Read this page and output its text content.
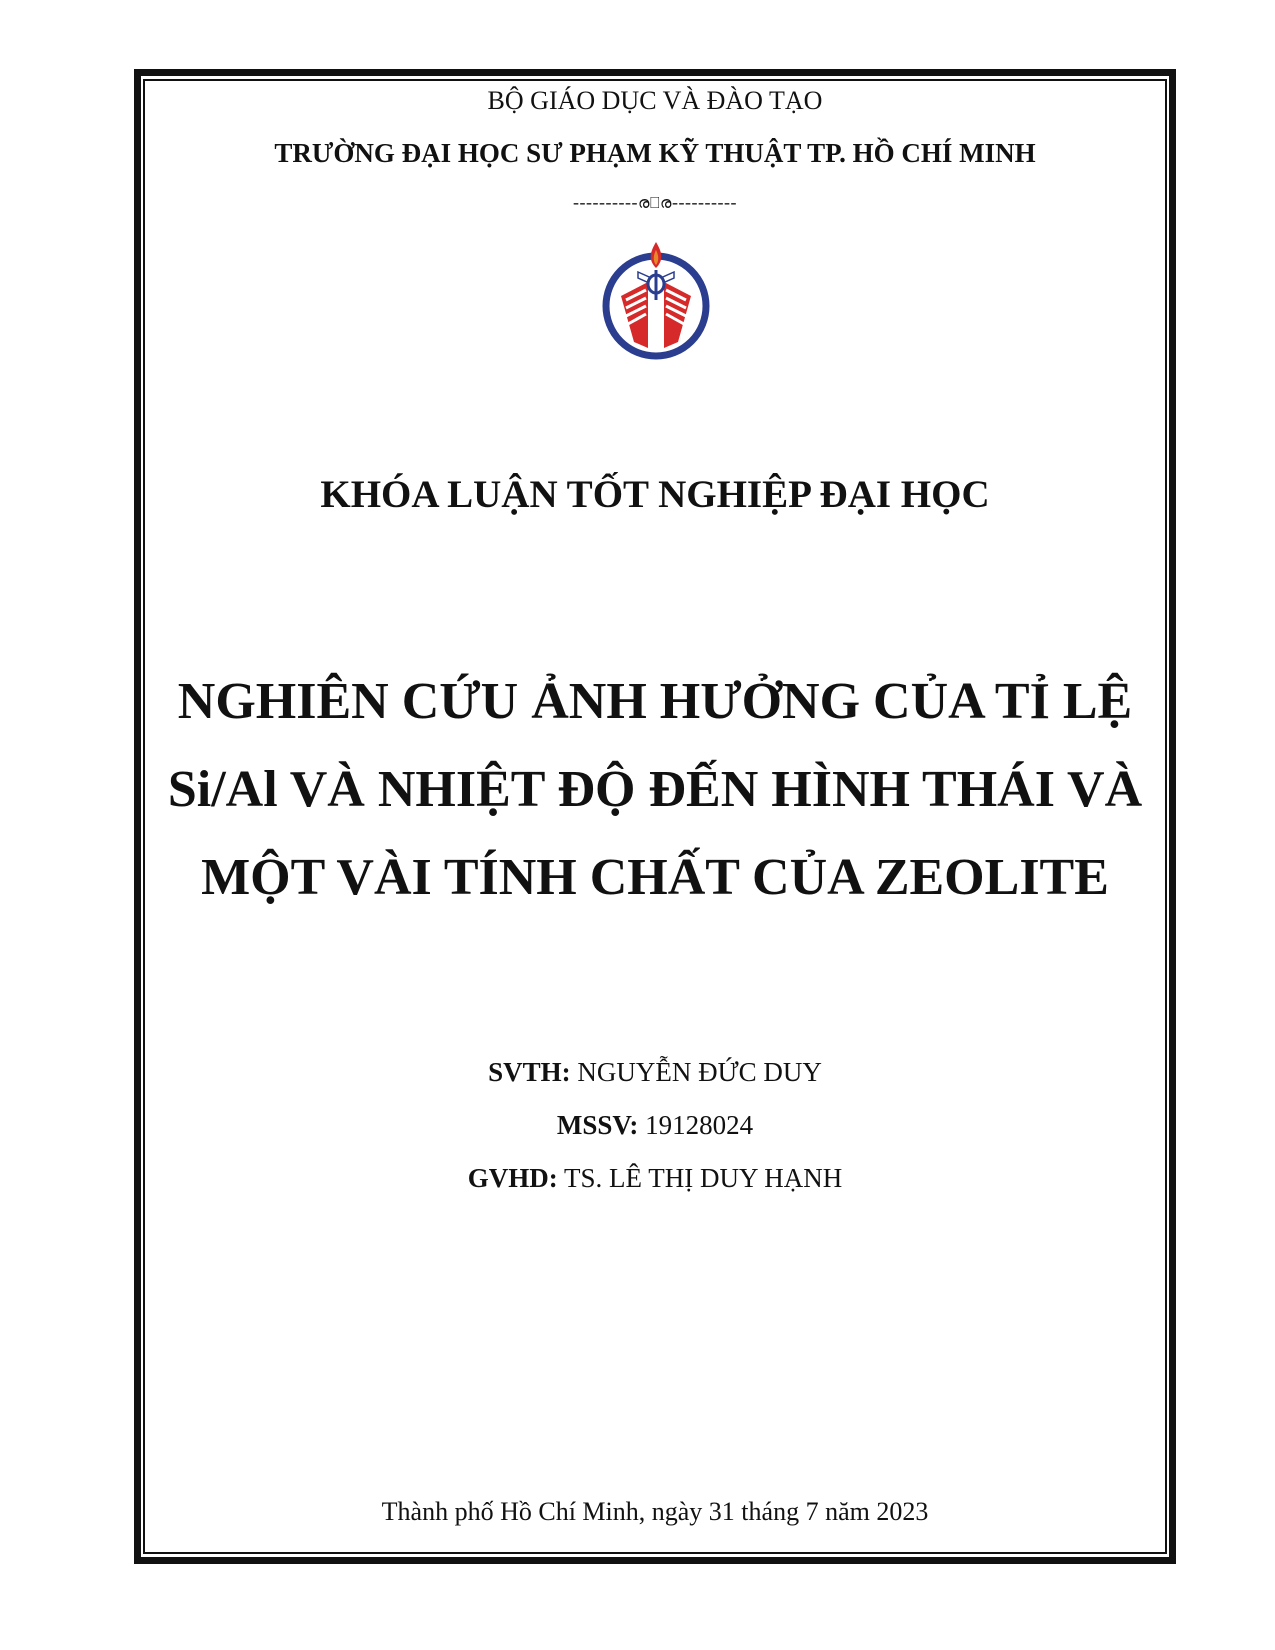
BỘ GIÁO DỤC VÀ ĐÀO TẠO
TRƯỜNG ĐẠI HỌC SƯ PHẠM KỸ THUẬT TP. HỒ CHÍ MINH
----------ര⎕ര----------
KHÓA LUẬN TỐT NGHIỆP ĐẠI HỌC
NGHIÊN CỨU ẢNH HƯỞNG CỦA TỈ LỆ
Si/Al VÀ NHIỆT ĐỘ ĐẾN HÌNH THÁI VÀ
MỘT VÀI TÍNH CHẤT CỦA ZEOLITE
SVTH: NGUYỄN ĐỨC DUY
MSSV: 19128024
GVHD: TS. LÊ THỊ DUY HẠNH
Thành phố Hồ Chí Minh, ngày 31 tháng 7 năm 2023
